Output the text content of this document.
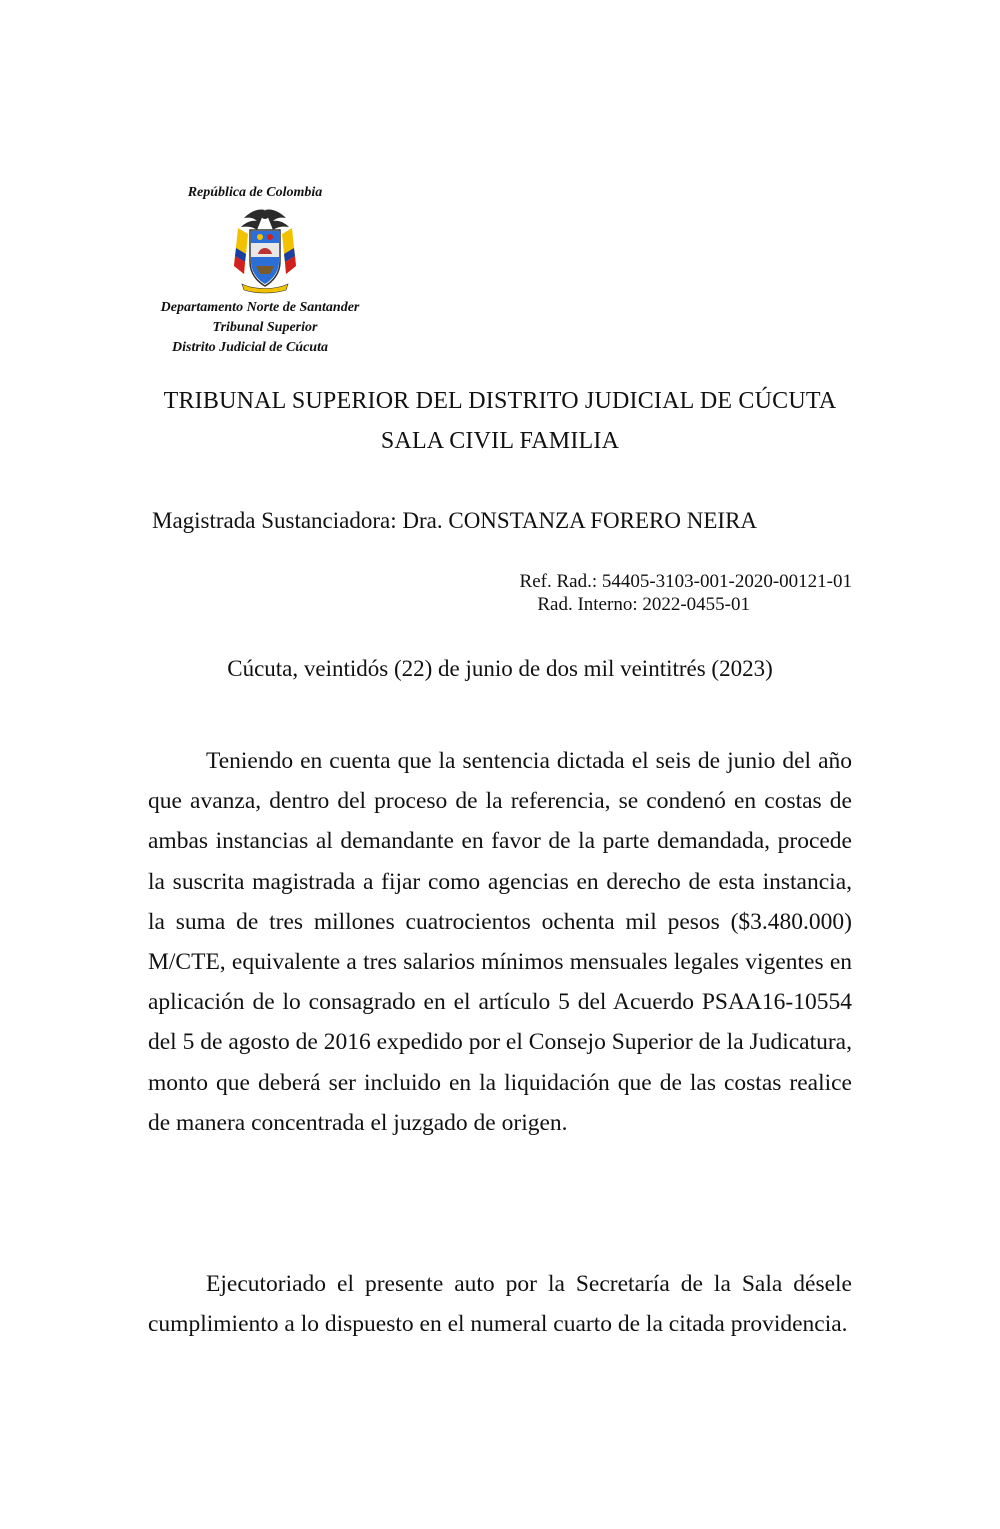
República de Colombia
Departamento Norte de Santander
Tribunal Superior
Distrito Judicial de Cúcuta
TRIBUNAL SUPERIOR DEL DISTRITO JUDICIAL DE CÚCUTA
SALA CIVIL FAMILIA
Magistrada Sustanciadora: Dra. CONSTANZA FORERO NEIRA
Ref. Rad.: 54405-3103-001-2020-00121-01
Rad. Interno: 2022-0455-01
Cúcuta, veintidós (22) de junio de dos mil veintitrés (2023)

Teniendo en cuenta que la sentencia dictada el seis de junio del año que avanza, dentro del proceso de la referencia, se condenó en costas de ambas instancias al demandante en favor de la parte demandada, procede la suscrita magistrada a fijar como agencias en derecho de esta instancia, la suma de tres millones cuatrocientos ochenta mil pesos ($3.480.000) M/CTE, equivalente a tres salarios mínimos mensuales legales vigentes en aplicación de lo consagrado en el artículo 5 del Acuerdo PSAA16-10554 del 5 de agosto de 2016 expedido por el Consejo Superior de la Judicatura, monto que deberá ser incluido en la liquidación que de las costas realice de manera concentrada el juzgado de origen.

Ejecutoriado el presente auto por la Secretaría de la Sala désele cumplimiento a lo dispuesto en el numeral cuarto de la citada providencia.
